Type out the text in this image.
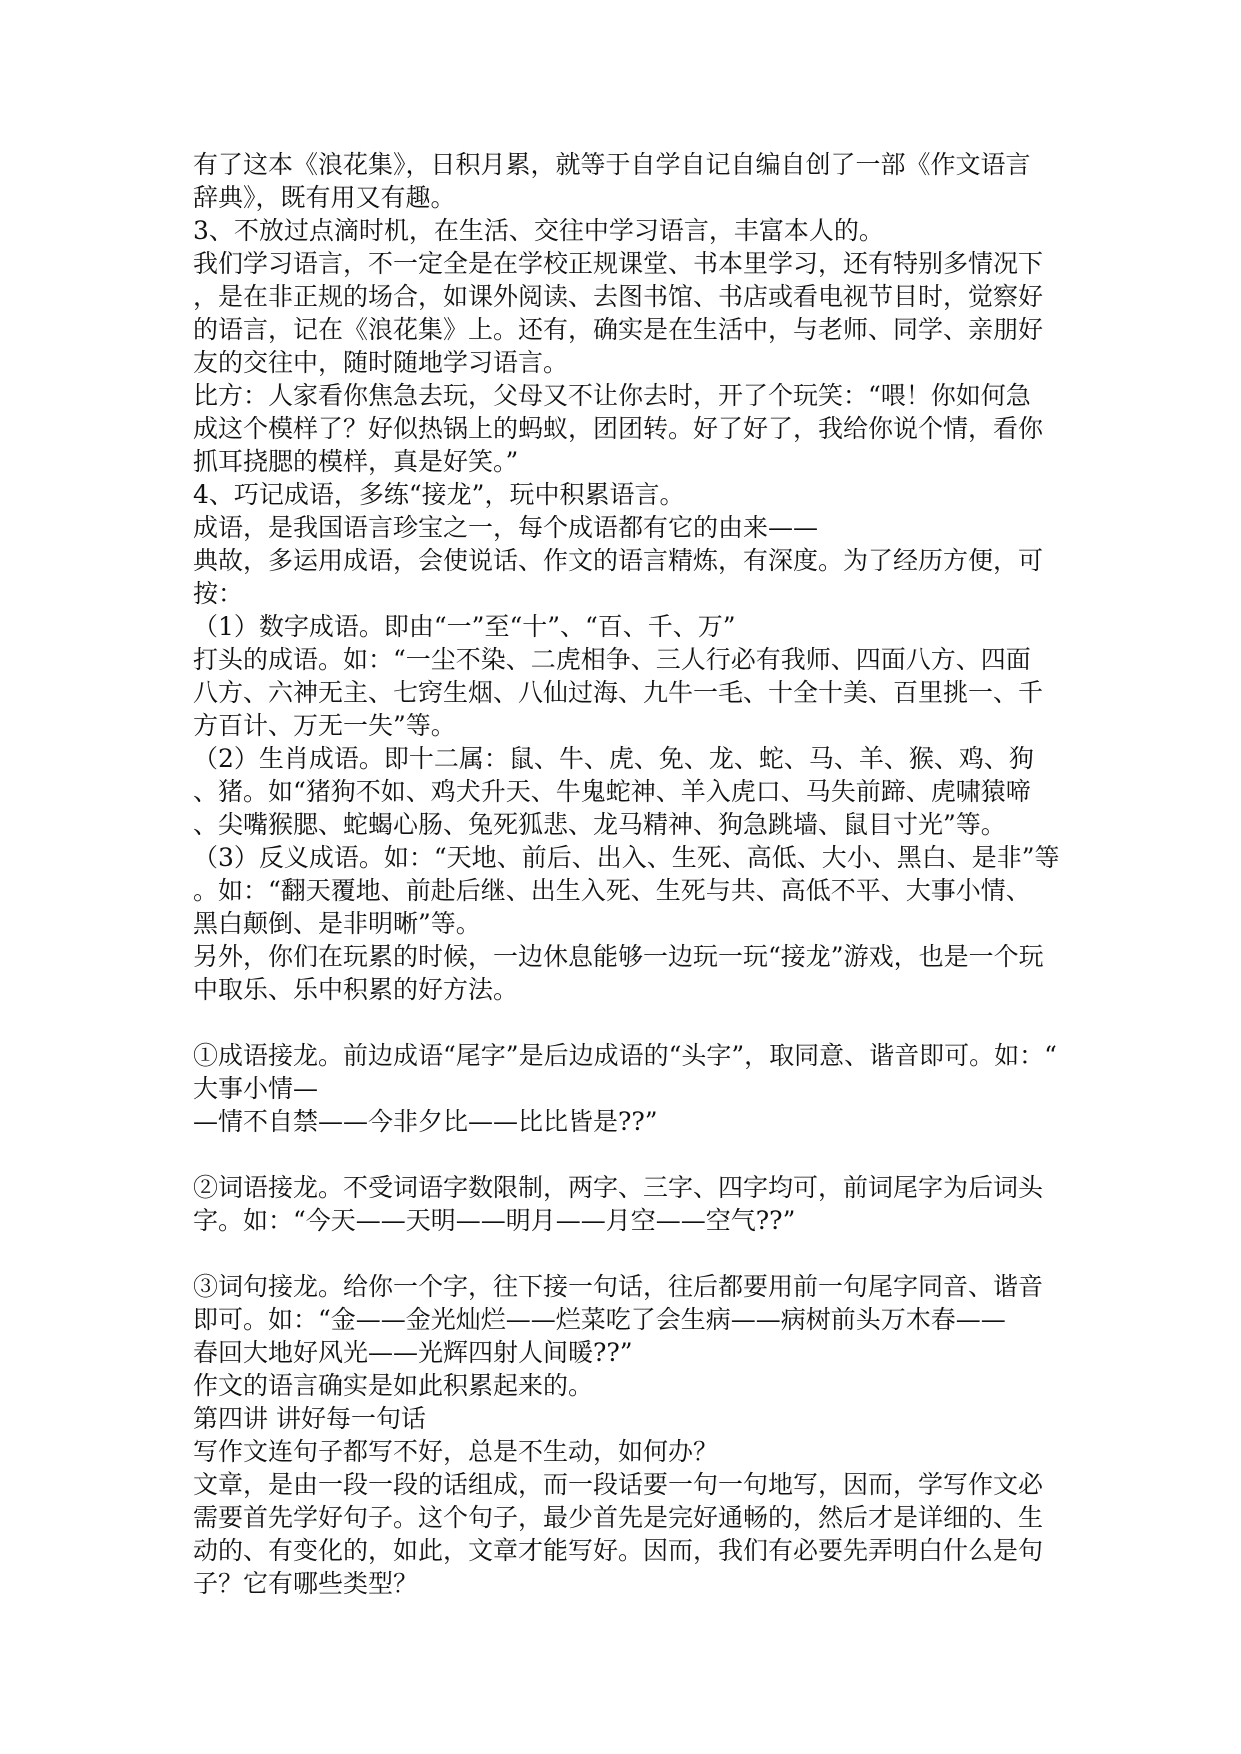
有了这本《浪花集》，日积月累，就等于自学自记自编自创了一部《作文语言
辞典》，既有用又有趣。
3、不放过点滴时机，在生活、交往中学习语言，丰富本人的。
我们学习语言，不一定全是在学校正规课堂、书本里学习，还有特别多情况下
，是在非正规的场合，如课外阅读、去图书馆、书店或看电视节目时，觉察好
的语言，记在《浪花集》上。还有，确实是在生活中，与老师、同学、亲朋好
友的交往中，随时随地学习语言。
比方：人家看你焦急去玩，父母又不让你去时，开了个玩笑：“喂！你如何急
成这个模样了？好似热锅上的蚂蚁，团团转。好了好了，我给你说个情，看你
抓耳挠腮的模样，真是好笑。”
4、巧记成语，多练“接龙”，玩中积累语言。
成语，是我国语言珍宝之一，每个成语都有它的由来——
典故，多运用成语，会使说话、作文的语言精炼，有深度。为了经历方便，可
按：
（1）数字成语。即由“一”至“十”、“百、千、万”
打头的成语。如：“一尘不染、二虎相争、三人行必有我师、四面八方、四面
八方、六神无主、七窍生烟、八仙过海、九牛一毛、十全十美、百里挑一、千
方百计、万无一失”等。
（2）生肖成语。即十二属：鼠、牛、虎、免、龙、蛇、马、羊、猴、鸡、狗
、猪。如“猪狗不如、鸡犬升天、牛鬼蛇神、羊入虎口、马失前蹄、虎啸猿啼
、尖嘴猴腮、蛇蝎心肠、兔死狐悲、龙马精神、狗急跳墙、鼠目寸光”等。
（3）反义成语。如：“天地、前后、出入、生死、高低、大小、黑白、是非”等
。如：“翻天覆地、前赴后继、出生入死、生死与共、高低不平、大事小情、
黑白颠倒、是非明晰”等。
另外，你们在玩累的时候，一边休息能够一边玩一玩“接龙”游戏，也是一个玩
中取乐、乐中积累的好方法。
①成语接龙。前边成语“尾字”是后边成语的“头字”，取同意、谐音即可。如：“
大事小情—
—情不自禁——今非夕比——比比皆是??”
②词语接龙。不受词语字数限制，两字、三字、四字均可，前词尾字为后词头
字。如：“今天——天明——明月——月空——空气??”
③词句接龙。给你一个字，往下接一句话，往后都要用前一句尾字同音、谐音
即可。如：“金——金光灿烂——烂菜吃了会生病——病树前头万木春——
春回大地好风光——光辉四射人间暖??”
作文的语言确实是如此积累起来的。
第四讲 讲好每一句话
写作文连句子都写不好，总是不生动，如何办？
文章，是由一段一段的话组成，而一段话要一句一句地写，因而，学写作文必
需要首先学好句子。这个句子，最少首先是完好通畅的，然后才是详细的、生
动的、有变化的，如此，文章才能写好。因而，我们有必要先弄明白什么是句
子？它有哪些类型？
